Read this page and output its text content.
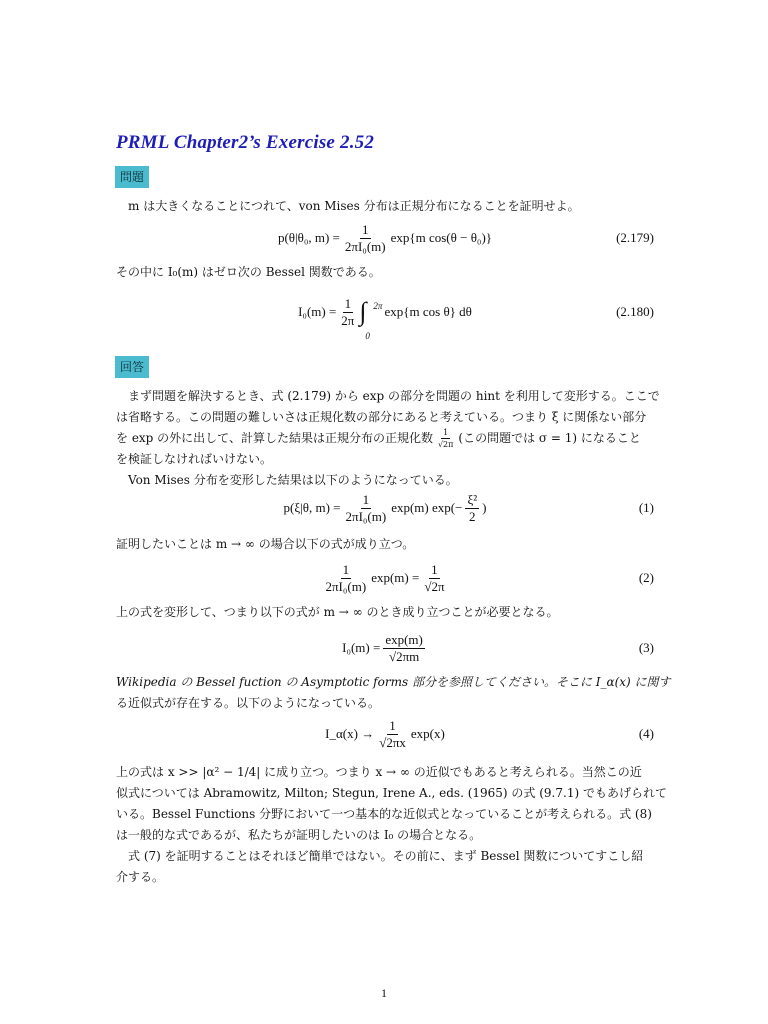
PRML Chapter2’s Exercise 2.52
問題
m は大きくなることにつれて、von Mises 分布は正規分布になることを証明せよ。
p(θ|θ₀, $m) = \frac{1}{\text{2πI₀(m)}} \exp\{m$ cos(θ − θ₀)}	(2.179)
その中に I₀(m) はゼロ次の Bessel 関数である。
$I_0(m) = \frac{1}{2\pi}$ ∫ 2π
0
exp{m cos θ} dθ	(2.180)
回答
まず問題を解決するとき、式 (2.179) から exp の部分を問題の hint を利用して変形する。ここで
は省略する。この問題の難しいさは正規化数の部分にあると考えている。つまり ξ に関係ない部分
を exp の外に出して、計算した結果は正規分布の正規化数 $\frac{1}{√2\pi}$ (この問題では σ = 1) になること
を検証しなければいけない。
Von Mises 分布を変形した結果は以下のようになっている。
p(ξ|θ, $m) = \frac{1}{\text{2πI₀(m)}} \exp(m)$ $\exp(- \frac{\text{ξ²}}{2}$ )	(1)
証明したいことは m → ∞ の場合以下の式が成り立つ。
$\frac{1}{\text{2πI₀(m)}} \exp(m) = \frac{1}{√2\pi}$	(2)
上の式を変形して、つまり以下の式が m → ∞ のとき成り立つことが必要となる。
$I_0(m) = \frac{\exp(m)}{√2\pi m}$	(3)
Wikipedia の Bessel fuction の Asymptotic forms 部分を参照してください。そこに I_α(x) に関す
る近似式が存在する。以下のようになっている。
I_α(x) → $\frac{1}{√2\pi x} \exp(x)$	(4)
上の式は x >> |α² − 1/4| に成り立つ。つまり x → ∞ の近似でもあると考えられる。当然この近
似式については Abramowitz, Milton; Stegun, Irene A., eds. (1965) の式 (9.7.1) でもあげられて
いる。Bessel Functions 分野において一つ基本的な近似式となっていることが考えられる。式 (8)
は一般的な式であるが、私たちが証明したいのは I₀ の場合となる。
式 (7) を証明することはそれほど簡単ではない。その前に、まず Bessel 関数についてすこし紹
介する。
1
